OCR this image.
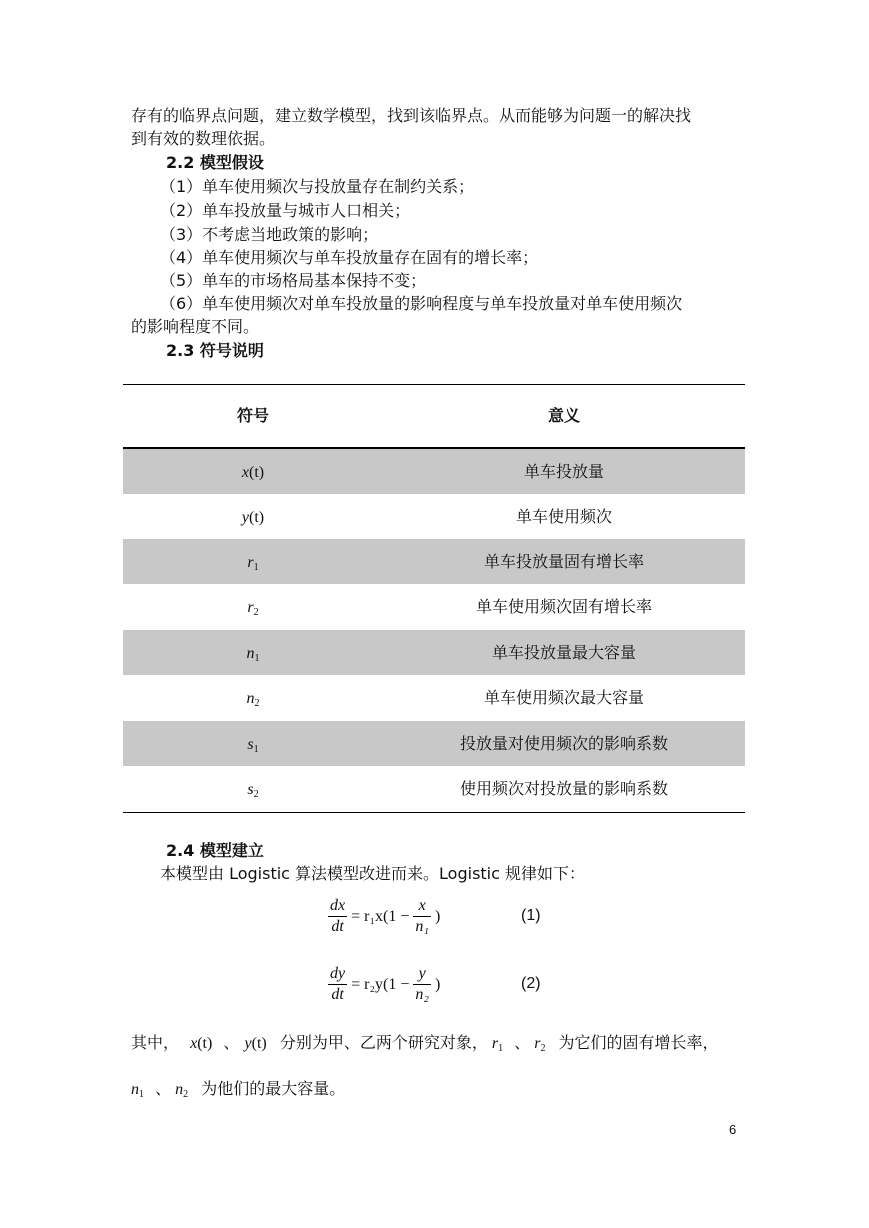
存有的临界点问题，建立数学模型，找到该临界点。从而能够为问题一的解决找
到有效的数理依据。
2.2 模型假设
（1）单车使用频次与投放量存在制约关系；
（2）单车投放量与城市人口相关；
（3）不考虑当地政策的影响；
（4）单车使用频次与单车投放量存在固有的增长率；
（5）单车的市场格局基本保持不变；
（6）单车使用频次对单车投放量的影响程度与单车投放量对单车使用频次
的影响程度不同。
2.3 符号说明
符号	意义
x(t)	单车投放量
y(t)	单车使用频次
$r_1$	单车投放量固有增长率
$r_2$	单车使用频次固有增长率
$n_1$	单车投放量最大容量
$n_2$	单车使用频次最大容量
$s_1$	投放量对使用频次的影响系数
$s_2$	使用频次对投放量的影响系数
2.4 模型建立
本模型由 Logistic 算法模型改进而来。Logistic 规律如下：
$\frac{dx}{dt} = r_1x(1 - \frac{x}{\text{n₁}}$ )	(1)
$\frac{dy}{dt} = r_2y(1 - \frac{y}{\text{n₂}}$ )	(2)
其中， x(t) 、 y(t) 分别为甲、乙两个研究对象， $r_1$ 、 $r_2$ 为它们的固有增长率，
$n_1$ 、 $n_2$ 为他们的最大容量。
6
